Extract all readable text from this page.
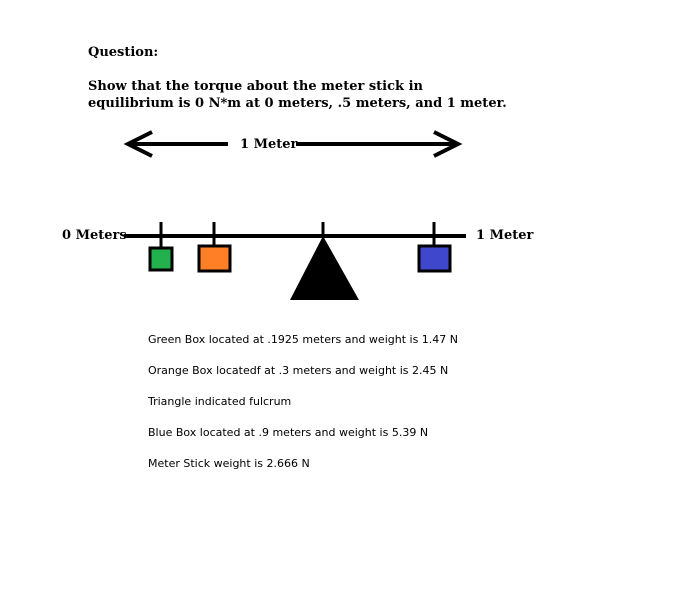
Question:
Show that the torque about the meter stick in equilibrium is 0 N*m at 0 meters, .5 meters, and 1 meter.
1 Meter
0 Meters	1 Meter
Green Box located at .1925 meters and weight is 1.47 N
Orange Box locatedf at .3 meters and weight is 2.45 N
Triangle indicated fulcrum
Blue Box located at .9 meters and weight is 5.39 N
Meter Stick weight is 2.666 N
